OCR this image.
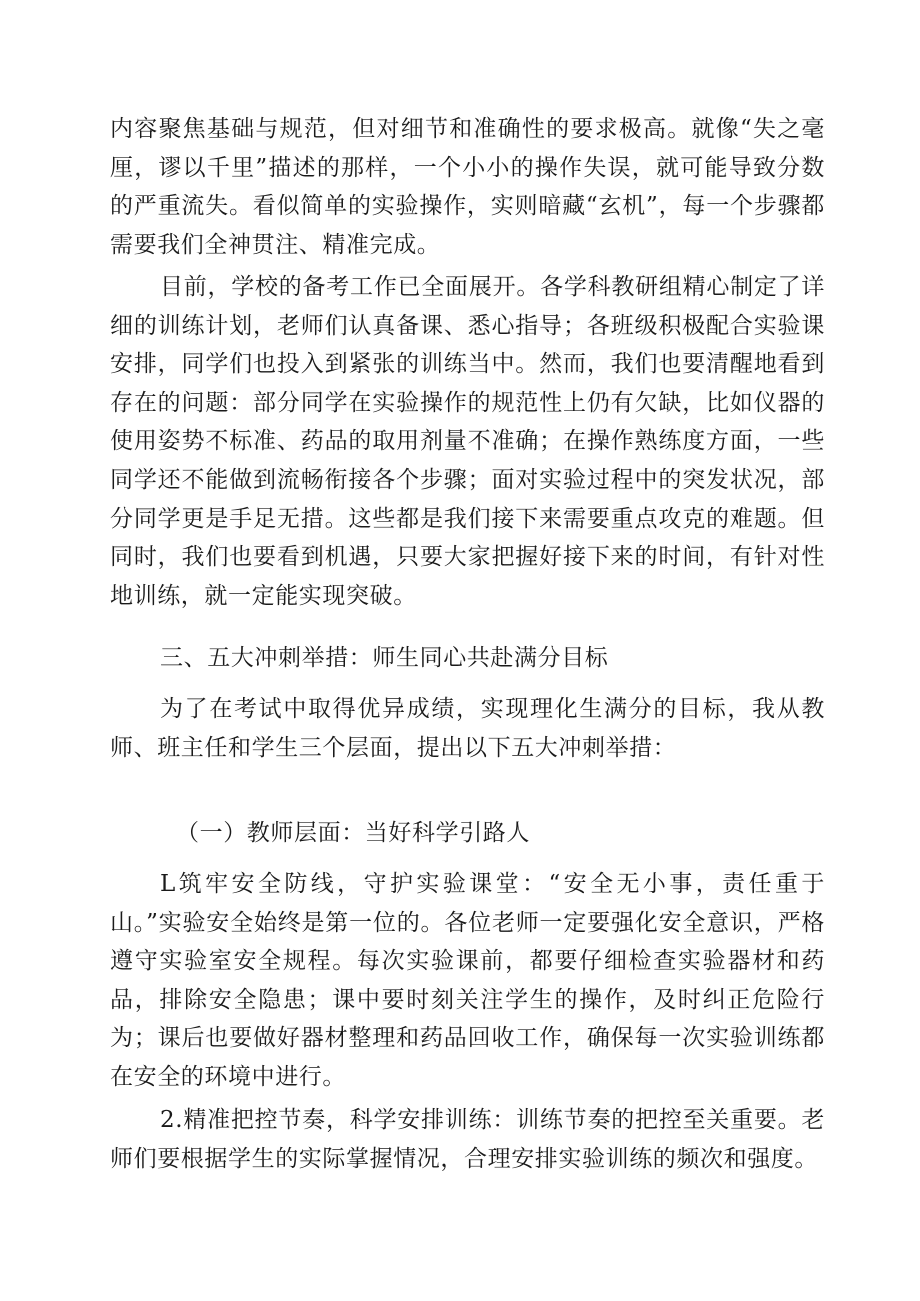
内容聚焦基础与规范，但对细节和准确性的要求极高。就像“失之毫厘，谬以千里”描述的那样，一个小小的操作失误，就可能导致分数的严重流失。看似简单的实验操作，实则暗藏“玄机”，每一个步骤都需要我们全神贯注、精准完成。

目前，学校的备考工作已全面展开。各学科教研组精心制定了详细的训练计划，老师们认真备课、悉心指导；各班级积极配合实验课安排，同学们也投入到紧张的训练当中。然而，我们也要清醒地看到存在的问题：部分同学在实验操作的规范性上仍有欠缺，比如仪器的使用姿势不标准、药品的取用剂量不准确；在操作熟练度方面，一些同学还不能做到流畅衔接各个步骤；面对实验过程中的突发状况，部分同学更是手足无措。这些都是我们接下来需要重点攻克的难题。但同时，我们也要看到机遇，只要大家把握好接下来的时间，有针对性地训练，就一定能实现突破。

三、五大冲刺举措：师生同心共赴满分目标

为了在考试中取得优异成绩，实现理化生满分的目标，我从教师、班主任和学生三个层面，提出以下五大冲刺举措：

（一）教师层面：当好科学引路人

L筑牢安全防线，守护实验课堂：“安全无小事，责任重于山。”实验安全始终是第一位的。各位老师一定要强化安全意识，严格遵守实验室安全规程。每次实验课前，都要仔细检查实验器材和药品，排除安全隐患；课中要时刻关注学生的操作，及时纠正危险行为；课后也要做好器材整理和药品回收工作，确保每一次实验训练都在安全的环境中进行。

2.精准把控节奏，科学安排训练：训练节奏的把控至关重要。老师们要根据学生的实际掌握情况，合理安排实验训练的频次和强度。
